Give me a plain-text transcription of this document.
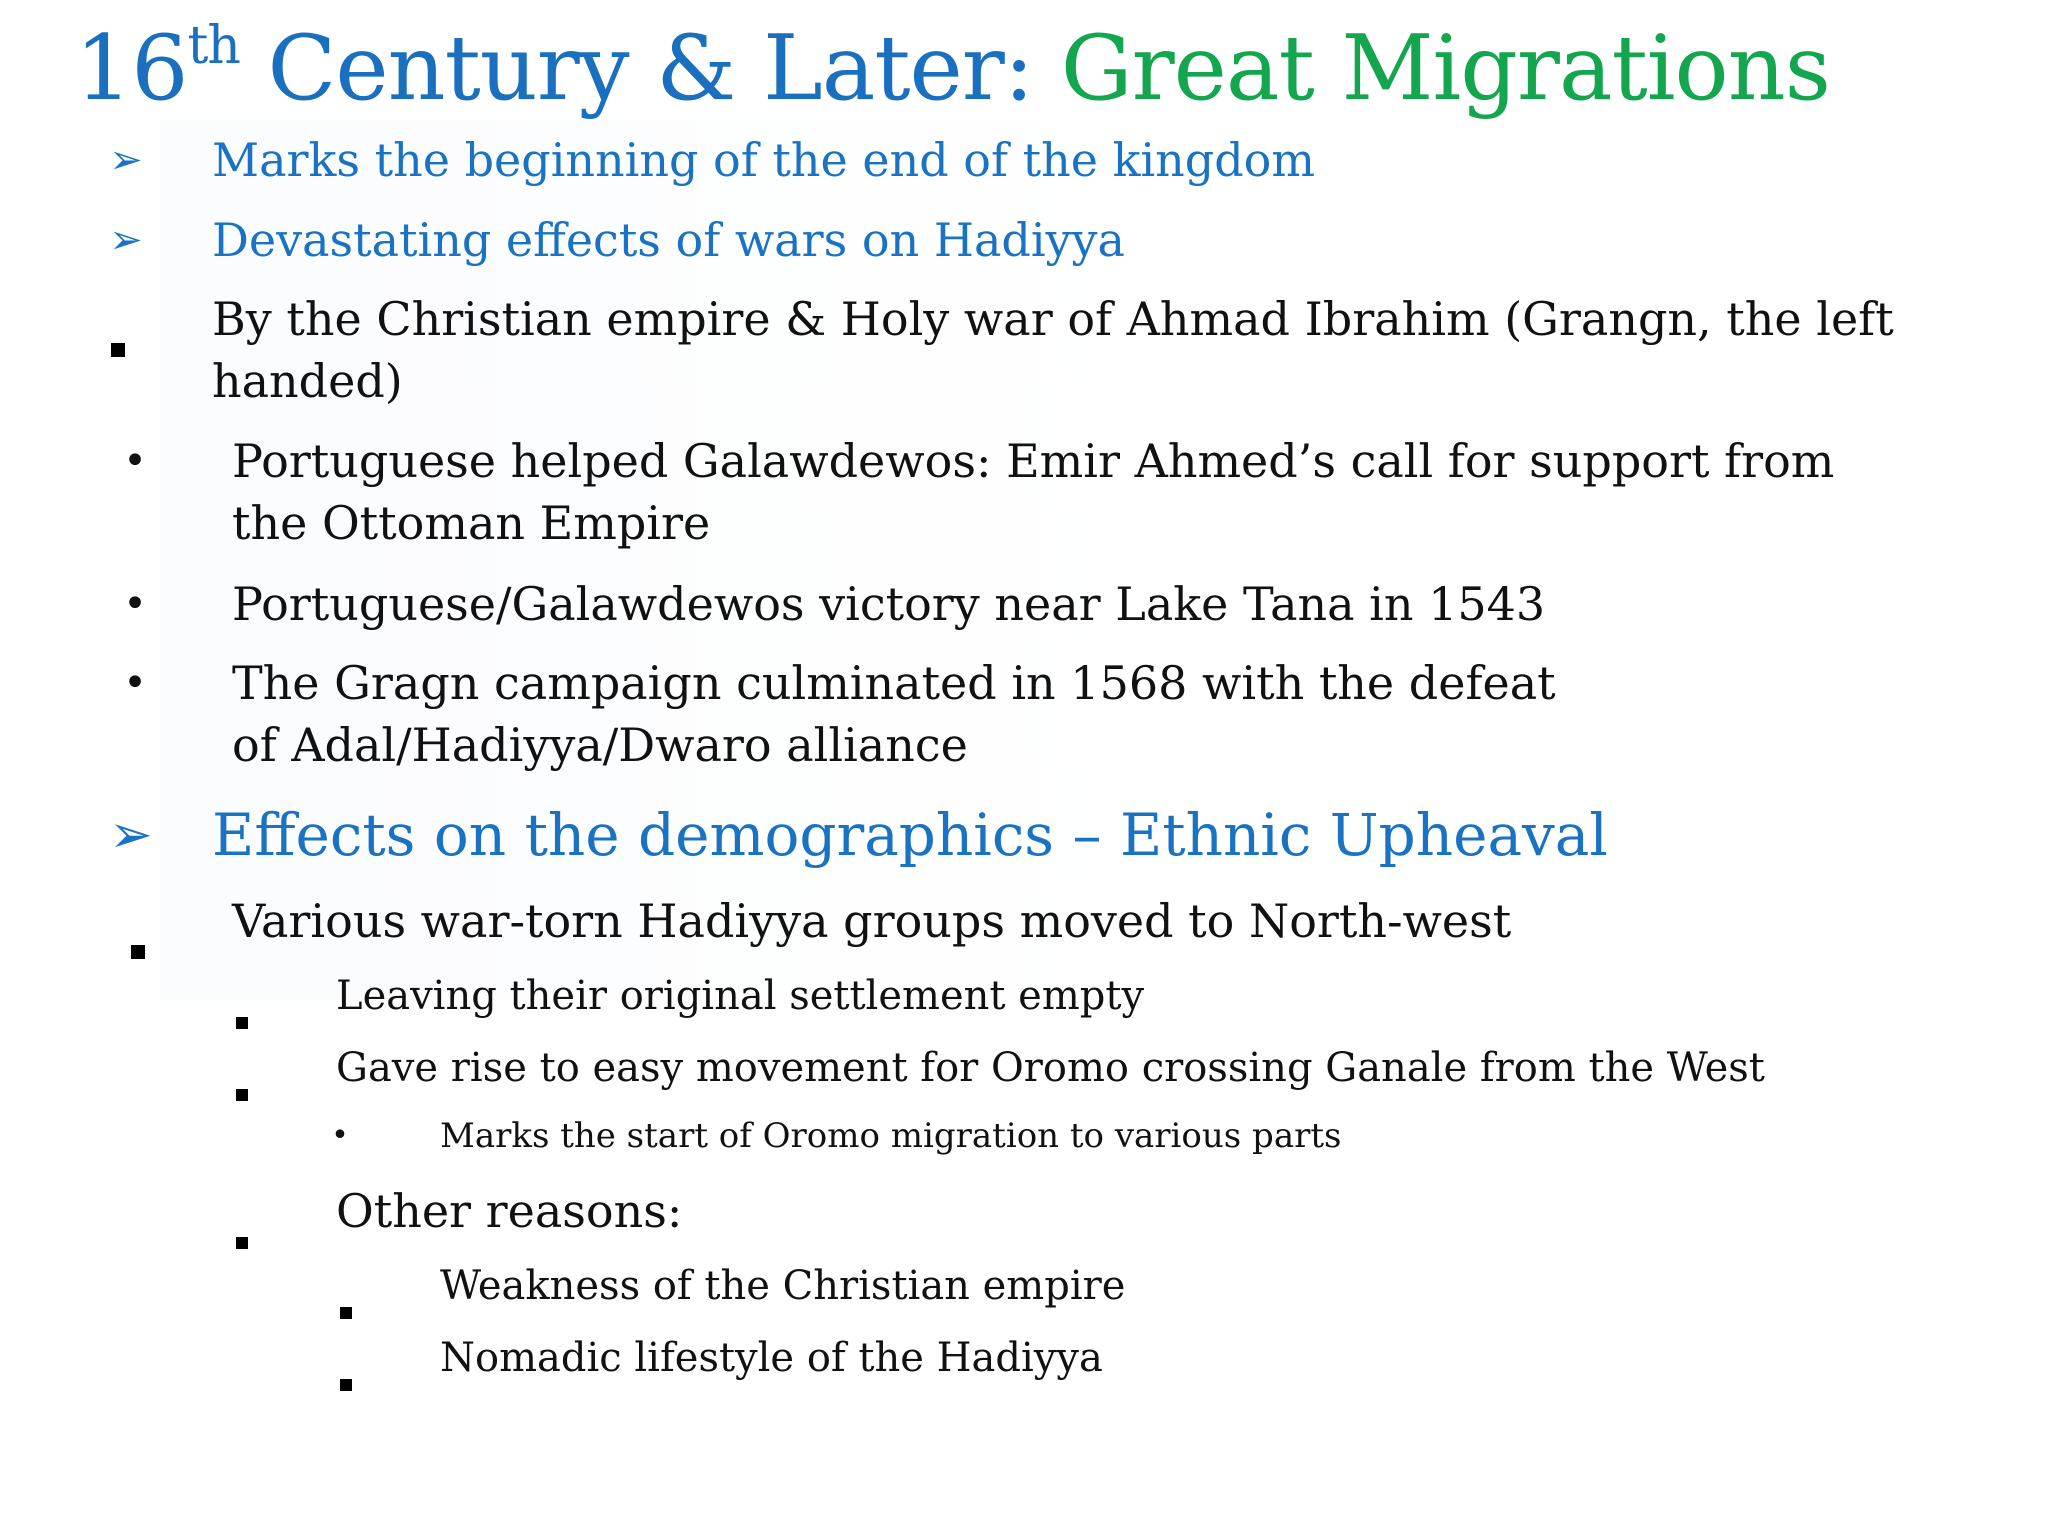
16th Century & Later: Great Migrations
➢ Marks the beginning of the end of the kingdom
➢ Devastating effects of wars on Hadiyya
By the Christian empire & Holy war of Ahmad Ibrahim (Grangn, the left handed)
• Portuguese helped Galawdewos: Emir Ahmed’s call for support from the Ottoman Empire
• Portuguese/Galawdewos victory near Lake Tana in 1543
• The Gragn campaign culminated in 1568 with the defeat of Adal/Hadiyya/Dwaro alliance
➢ Effects on the demographics – Ethnic Upheaval
Various war-torn Hadiyya groups moved to North-west
Leaving their original settlement empty
Gave rise to easy movement for Oromo crossing Ganale from the West
•	Marks the start of Oromo migration to various parts
Other reasons:
Weakness of the Christian empire
Nomadic lifestyle of the Hadiyya
